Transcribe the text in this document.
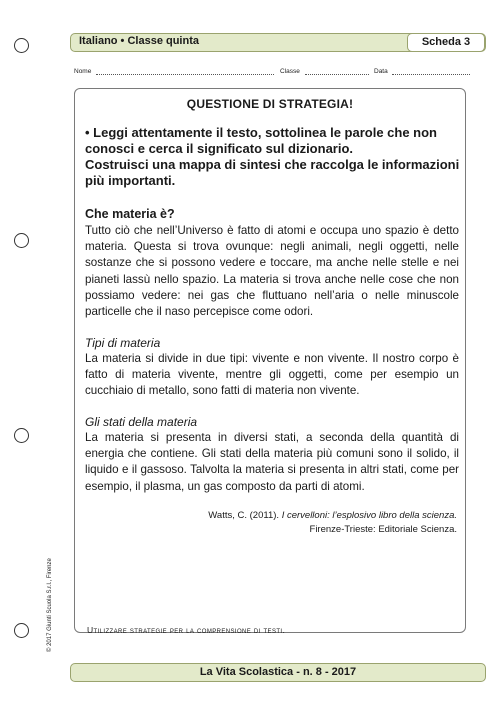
Italiano • Classe quinta	Scheda 3
Nome	Classe	Data
QUESTIONE DI STRATEGIA!

• Leggi attentamente il testo, sottolinea le parole che non conosci e cerca il significato sul dizionario.

Costruisci una mappa di sintesi che raccolga le informazioni più importanti.

Che materia è?
Tutto ciò che nell’Universo è fatto di atomi e occupa uno spazio è detto materia. Questa si trova ovunque: negli animali, negli oggetti, nelle sostanze che si possono vedere e toccare, ma anche nelle stelle e nei pianeti lassù nello spazio. La materia si trova anche nelle cose che non possiamo vedere: nei gas che fluttuano nell’aria o nelle minuscole particelle che il naso percepisce come odori.
Tipi di materia
La materia si divide in due tipi: vivente e non vivente. Il nostro corpo è fatto di materia vivente, mentre gli oggetti, come per esempio un cucchiaio di metallo, sono fatti di materia non vivente.
Gli stati della materia
La materia si presenta in diversi stati, a seconda della quantità di energia che contiene. Gli stati della materia più comuni sono il solido, il liquido e il gassoso. Talvolta la materia si presenta in altri stati, come per esempio, il plasma, un gas composto da parti di atomi.
Watts, C. (2011). I cervelloni: l’esplosivo libro della scienza.
Firenze-Trieste: Editoriale Scienza.
Utilizzare strategie per la comprensione di testi.
© 2017 Giunti Scuola S.r.l., Firenze
La Vita Scolastica - n. 8 - 2017
